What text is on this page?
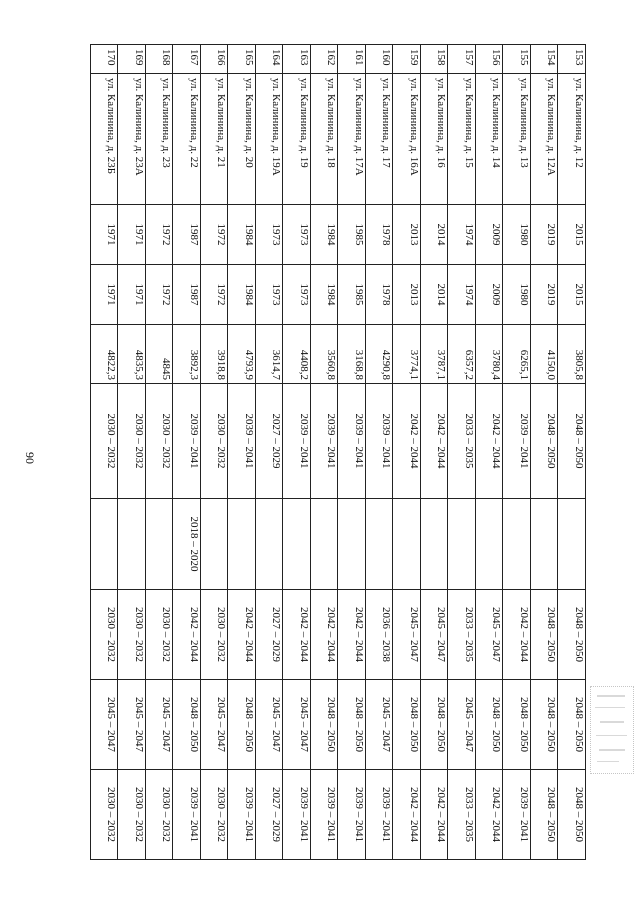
90
153	ул. Калинина, д. 12	2015	2015	3805,8	2048 – 2050		2048 – 2050	2048 – 2050	2048 – 2050
154	ул. Калинина, д. 12А	2019	2019	4150,0	2048 – 2050		2048 – 2050	2048 – 2050	2048 – 2050
155	ул. Калинина, д. 13	1980	1980	6265,1	2039 – 2041		2042 – 2044	2048 – 2050	2039 – 2041
156	ул. Калинина, д. 14	2009	2009	3780,4	2042 – 2044		2045 – 2047	2048 – 2050	2042 – 2044
157	ул. Калинина, д. 15	1974	1974	6357,2	2033 – 2035		2033 – 2035	2045 – 2047	2033 – 2035
158	ул. Калинина, д. 16	2014	2014	3787,1	2042 – 2044		2045 – 2047	2048 – 2050	2042 – 2044
159	ул. Калинина, д. 16А	2013	2013	3774,1	2042 – 2044		2045 – 2047	2048 – 2050	2042 – 2044
160	ул. Калинина, д. 17	1978	1978	4290,8	2039 – 2041		2036 – 2038	2045 – 2047	2039 – 2041
161	ул. Калинина, д. 17А	1985	1985	3168,8	2039 – 2041		2042 – 2044	2048 – 2050	2039 – 2041
162	ул. Калинина, д. 18	1984	1984	3560,8	2039 – 2041		2042 – 2044	2048 – 2050	2039 – 2041
163	ул. Калинина, д. 19	1973	1973	4408,2	2039 – 2041		2042 – 2044	2045 – 2047	2039 – 2041
164	ул. Калинина, д. 19А	1973	1973	3614,7	2027 – 2029		2027 – 2029	2045 – 2047	2027 – 2029
165	ул. Калинина, д. 20	1984	1984	4793,9	2039 – 2041		2042 – 2044	2048 – 2050	2039 – 2041
166	ул. Калинина, д. 21	1972	1972	3918,8	2030 – 2032		2030 – 2032	2045 – 2047	2030 – 2032
167	ул. Калинина, д. 22	1987	1987	3892,3	2039 – 2041	2018 – 2020	2042 – 2044	2048 – 2050	2039 – 2041
168	ул. Калинина, д. 23	1972	1972	4845	2030 – 2032		2030 – 2032	2045 – 2047	2030 – 2032
169	ул. Калинина, д. 23А	1971	1971	4835,3	2030 – 2032		2030 – 2032	2045 – 2047	2030 – 2032
170	ул. Калинина, д. 23Б	1971	1971	4822,3	2030 – 2032		2030 – 2032	2045 – 2047	2030 – 2032
